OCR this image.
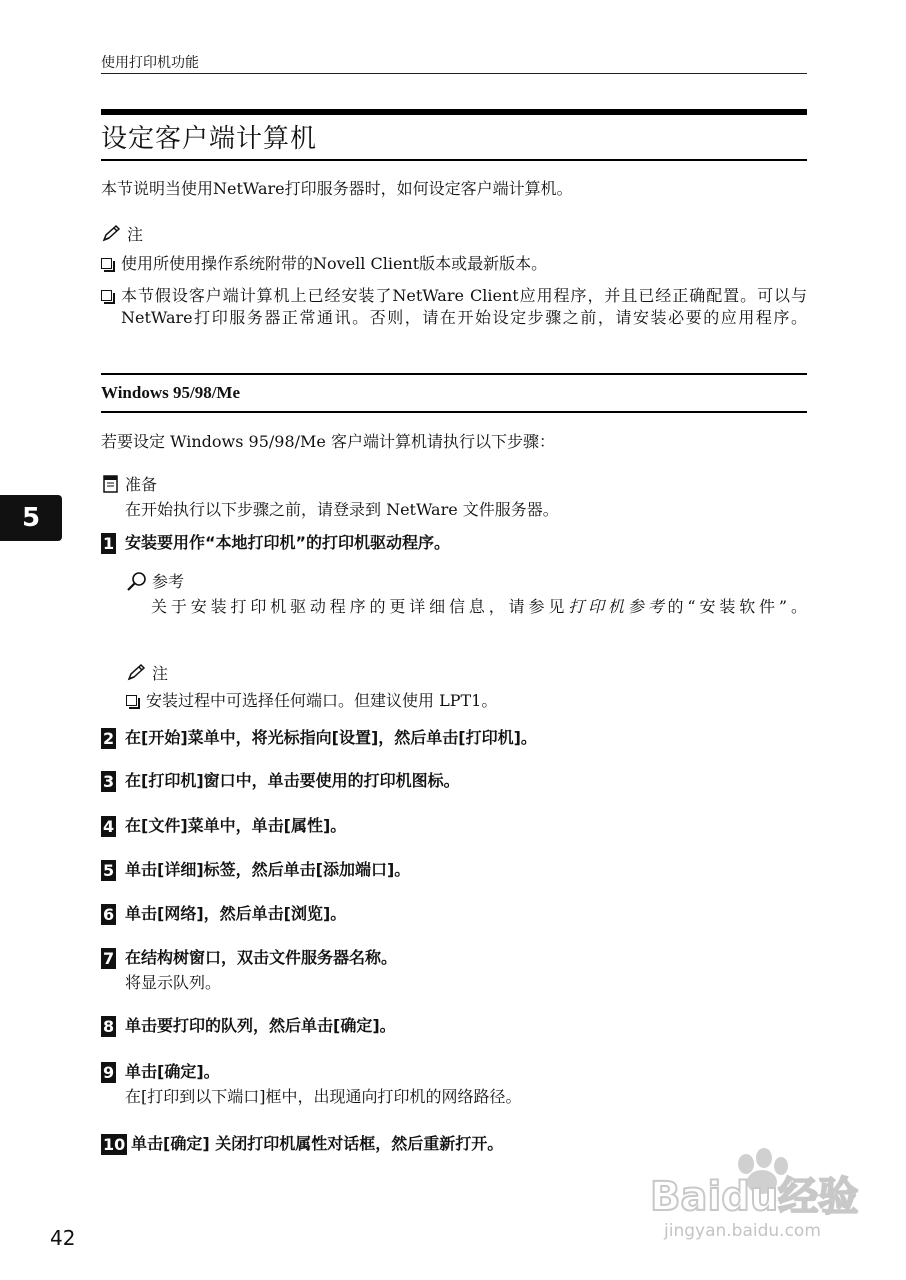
使用打印机功能
设定客户端计算机
本节说明当使用NetWare打印服务器时，如何设定客户端计算机。
注
使用所使用操作系统附带的Novell Client版本或最新版本。
本节假设客户端计算机上已经安装了NetWare Client应用程序，并且已经正确配置。可以与NetWare打印服务器正常通讯。否则，请在开始设定步骤之前，请安装必要的应用程序。
Windows 95/98/Me
若要设定 Windows 95/98/Me 客户端计算机请执行以下步骤：
准备
在开始执行以下步骤之前，请登录到 NetWare 文件服务器。
5
1 安装要用作“本地打印机”的打印机驱动程序。
参考
关于安装打印机驱动程序的更详细信息，请参见打印机参考的“安装软件”。
注
安装过程中可选择任何端口。但建议使用 LPT1。
2 在[开始]菜单中，将光标指向[设置]，然后单击[打印机]。
3 在[打印机]窗口中，单击要使用的打印机图标。
4 在[文件]菜单中，单击[属性]。
5 单击[详细]标签，然后单击[添加端口]。
6 单击[网络]，然后单击[浏览]。
7 在结构树窗口，双击文件服务器名称。
将显示队列。
8 单击要打印的队列，然后单击[确定]。
9 单击[确定]。
在[打印到以下端口]框中，出现通向打印机的网络路径。
10 单击[确定] 关闭打印机属性对话框，然后重新打开。
42
Baidu经验
jingyan.baidu.com
